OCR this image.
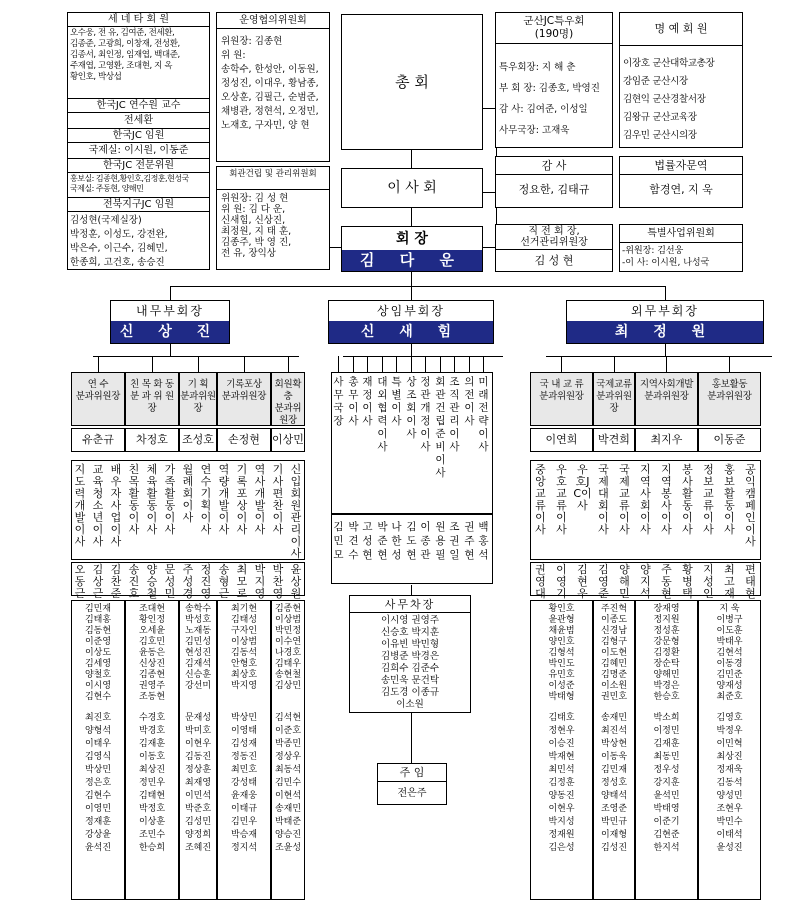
세 네 타 회 원
오수웅, 전 유, 김여준, 전세환,
김종준, 고광희, 이창재, 전성환,
김종서, 최인정, 임재엽, 백대준,
주재엽, 고영환, 조대현, 지 옥
황인호, 박상섭
한국JC 연수원 교수
전세환
한국JC 임원
국제실: 이시원, 이동준
한국JC 전문위원
홍보실: 김종현,황인호,김정훈,현성국
국제실: 주동현, 양해민
전북지구JC 임원
김성현(국제실장)
박정훈, 이성도, 강전완,
박은수, 이근수, 김혜민,
한종희, 고건호, 송승진
운영협의위원회
위원장: 김종현
위 원:
송학수, 한성안, 이동원,
정성진, 이대우, 황남종,
오상훈, 김필근, 순범준,
채병관, 정현석, 오정민,
노재호, 구자민, 양 현
회관건립 및 관리위원회
위원장: 김 성 현
위 원: 김 다 운,
신새힘, 신상진,
최정원, 지 태 훈,
김종주, 박 영 진,
전 유, 장익상
총 회
이 사 회
회 장
김 다 운
군산JC특우회
(190명)
특우회장: 지 해 춘
부 회 장: 김종호, 박영진
감 사: 김여준, 이성일
사무국장: 고재욱
명 예 회 원
이장호 군산대학교총장
강임준 군산시장
김현익 군산경찰서장
김왕규 군산교육장
김우민 군산시의장
감 사
정요한, 김태규
법률자문역
함경연, 지 욱
직 전 회 장,
선거관리위원장
김 성 현
특별사업위원회
-위원장: 김선웅
-이 사: 이시원, 나성국
내무부회장
신 상 진
상임부회장
신 새 힘
외무부회장
최 정 원
연 수
분과위원장
유춘규
친 목 화 동
분 과 위 원 장
차정호
기 획
분과위원장
조성호
기록포상
분과위원장
손정현
회원확충
분과위원장
이상민
지도력개발이사
교육청소년이사
배우자사업이사
친목활동이사
체육활동이사
가족활동이사
월례회이사
연수기획이사
역량개발이사
기록포상이사
역사개발이사
기사편찬이사
신입회원관리이사
오동근
김상근
김찬준
송진호
양승철
문성민
주성경
정진영
송형근
최모로
박지영
박찬영
윤상원
김민재
김태홍
김동현
이준영
이상도
김세영
양철호
이시영
김현수
최진호
양형석
이태우
김영식
박상민
정은호
김현수
이영민
정재훈
강상윤
윤석진
조대현
황인정
오세윤
김호민
윤동은
신상진
김종현
권영주
조동현
수경호
박경호
김재훈
이동호
최상진
정민우
김태현
박정호
이상훈
조민수
한승희
송학수
박성호
노재동
김민성
현성진
김재석
신승훈
강선미
문재성
박미호
이현우
김동진
정상훈
최재영
이민석
박준호
김성민
양정희
조혜진
최기현
김태성
구자인
이상범
김동석
안형호
최상호
박지영
박상민
이영태
김성재
정동진
최민호
강성태
윤재웅
이태규
김민우
박승재
정지석
김종현
이상범
박민정
이수연
나경호
김태우
송현철
김상민
김석현
이준호
박종민
정상우
최동석
김민수
이현석
송재민
박태준
양승진
조윤성
사무국장
김민모
총무이사
박견수
재정이사
고성현
대외협력이사
박준현
특별이사
나한성
상조회이사
김도현
정관개정이사
이종관
회관건립준비이사
원용필
조직관리이사
조권일
의전이사
권주현
미래전략이사
백홍석
사무차장
이시영 권영주
신승호 박지훈
이유빈 박민형
김병준 박경은
김희수 김준수
송민욱 문건탁
김도경 이종규
이소원
주 임
전은주
국 내 교 류
분과위원장
이연희
국제교류
분과위원장
박견희
지역사회개발
분과위원장
최지우
홍보활동
분과위원장
이동준
중앙교류이사
우호교류이사
우호JC이사
국제대회이사
국제교류이사
지역사회이사
지역봉사이사
봉사활동이사
정보교류이사
홍보활동이사
공익캠페인이사
권영대
이영기
김현우
김영준
양해민
양지석
주동현
황병택
지성인
최고재
편태현
황인호
윤관형
채윤범
양인호
김형석
박인도
유민호
이성준
박태형
김태호
정현우
이승진
박재현
최민석
김정훈
양동진
이현우
박지성
정재원
김은성
주진혁
이종도
신경남
김형구
이도현
김혜민
김명준
이소원
권민호
송재민
최진석
박상현
이동욱
김민재
정성호
양태석
조영준
박민규
이재형
김성진
장재영
정지원
정성훈
강문형
김정환
장순탁
양해민
박경은
한승호
박소희
이정민
김재훈
최동민
정우성
강지훈
윤석민
박태영
이준기
김현준
한지석
지 욱
이병구
이도훈
박태우
김현석
이동경
김민준
양재성
최준호
김영호
박정우
이민혁
최상진
정재욱
김동석
양성민
조현우
박민수
이태석
윤성진
